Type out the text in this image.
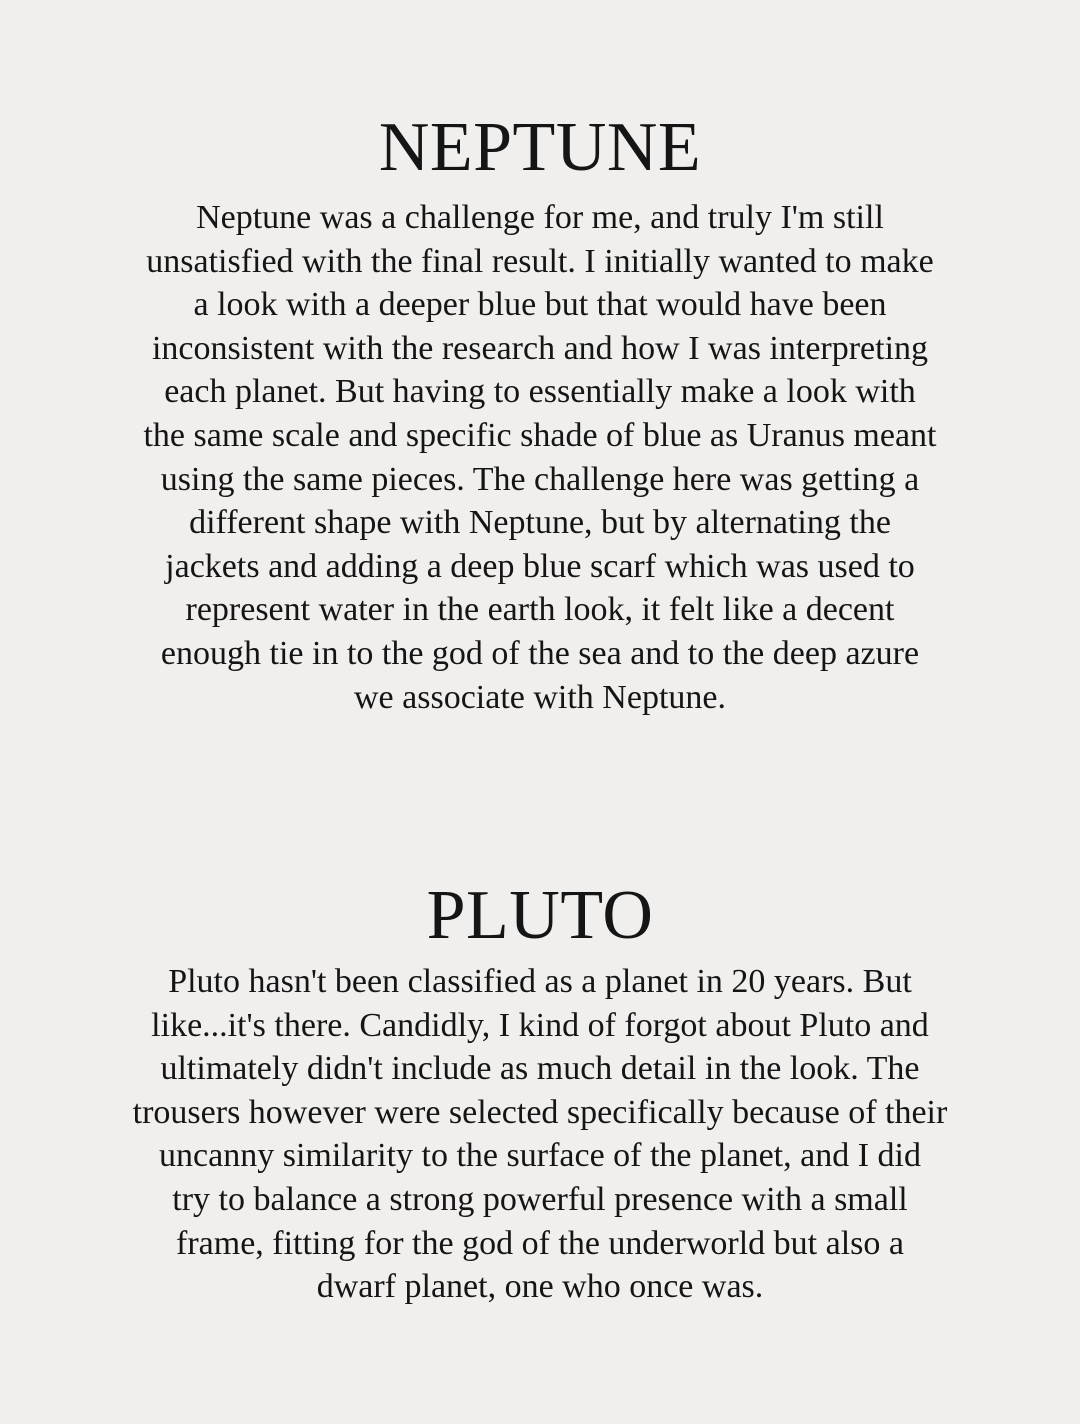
NEPTUNE

Neptune was a challenge for me, and truly I'm still
unsatisfied with the final result. I initially wanted to make
a look with a deeper blue but that would have been
inconsistent with the research and how I was interpreting
each planet. But having to essentially make a look with
the same scale and specific shade of blue as Uranus meant
using the same pieces. The challenge here was getting a
different shape with Neptune, but by alternating the
jackets and adding a deep blue scarf which was used to
represent water in the earth look, it felt like a decent
enough tie in to the god of the sea and to the deep azure
we associate with Neptune.

PLUTO

Pluto hasn't been classified as a planet in 20 years. But
like...it's there. Candidly, I kind of forgot about Pluto and
ultimately didn't include as much detail in the look. The
trousers however were selected specifically because of their
uncanny similarity to the surface of the planet, and I did
try to balance a strong powerful presence with a small
frame, fitting for the god of the underworld but also a
dwarf planet, one who once was.
